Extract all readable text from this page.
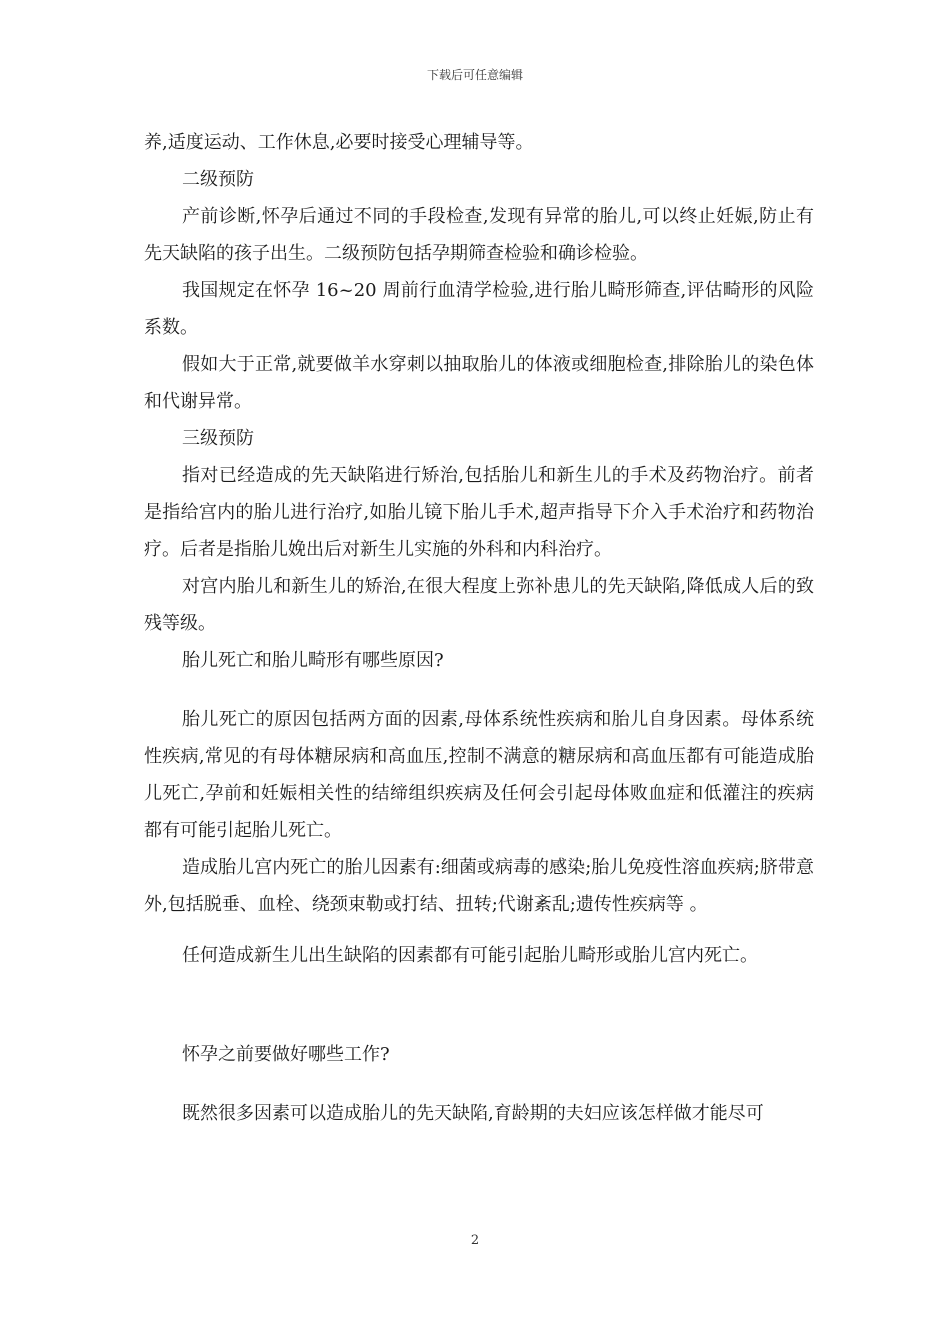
下载后可任意编辑

养,适度运动、工作休息,必要时接受心理辅导等。

二级预防

产前诊断,怀孕后通过不同的手段检查,发现有异常的胎儿,可以终止妊娠,防止有先天缺陷的孩子出生。二级预防包括孕期筛查检验和确诊检验。

我国规定在怀孕 16~20 周前行血清学检验,进行胎儿畸形筛查,评估畸形的风险系数。

假如大于正常,就要做羊水穿刺以抽取胎儿的体液或细胞检查,排除胎儿的染色体和代谢异常。

三级预防

指对已经造成的先天缺陷进行矫治,包括胎儿和新生儿的手术及药物治疗。前者是指给宫内的胎儿进行治疗,如胎儿镜下胎儿手术,超声指导下介入手术治疗和药物治疗。后者是指胎儿娩出后对新生儿实施的外科和内科治疗。

对宫内胎儿和新生儿的矫治,在很大程度上弥补患儿的先天缺陷,降低成人后的致残等级。

胎儿死亡和胎儿畸形有哪些原因?

胎儿死亡的原因包括两方面的因素,母体系统性疾病和胎儿自身因素。母体系统性疾病,常见的有母体糖尿病和高血压,控制不满意的糖尿病和高血压都有可能造成胎儿死亡,孕前和妊娠相关性的结缔组织疾病及任何会引起母体败血症和低灌注的疾病都有可能引起胎儿死亡。

造成胎儿宫内死亡的胎儿因素有:细菌或病毒的感染;胎儿免疫性溶血疾病;脐带意外,包括脱垂、血栓、绕颈束勒或打结、扭转;代谢紊乱;遗传性疾病等 。

任何造成新生儿出生缺陷的因素都有可能引起胎儿畸形或胎儿宫内死亡。

怀孕之前要做好哪些工作?

既然很多因素可以造成胎儿的先天缺陷,育龄期的夫妇应该怎样做才能尽可

2
